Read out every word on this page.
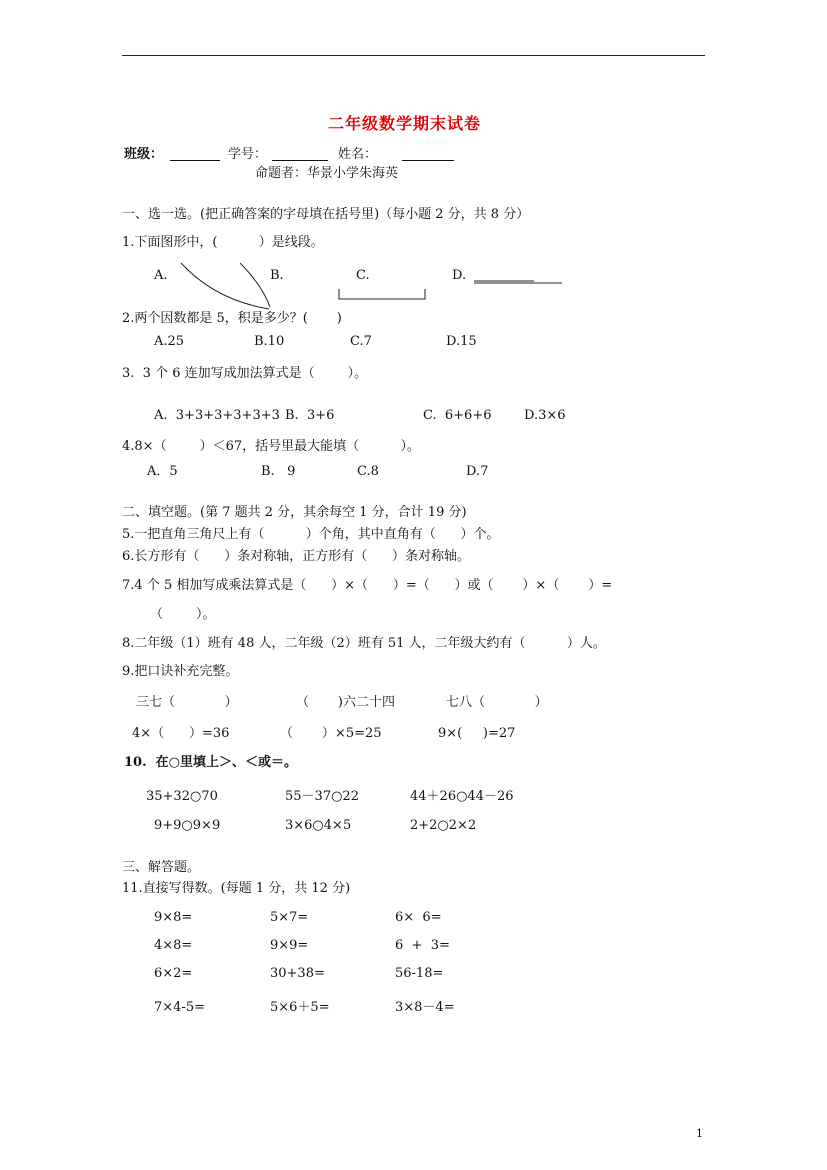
二年级数学期末试卷
班级：	学号：	姓名：
命题者：华景小学朱海英
一、选一选。(把正确答案的字母填在括号里)（每小题 2 分，共 8 分）
1.下面图形中，(          ）是线段。
A.	B.	C.	D.
2.两个因数都是 5，积是多少？(       )
A.25	B.10	C.7	D.15
3.  3 个 6 连加写成加法算式是（        ）。
A.  3+3+3+3+3+3 B.  3+6	C.  6+6+6	D.3×6
4.8×（        ）＜67，括号里最大能填（          ）。
A．5	B.   9	C.8	D.7
二、填空题。(第 7 题共 2 分，其余每空 1 分，合计 19 分)
5.一把直角三角尺上有（          ）个角，其中直角有（      ）个。
6.长方形有（      ）条对称轴，正方形有（      ）条对称轴。
7.4 个 5 相加写成乘法算式是（      ）×（      ）=（      ）或（       ）×（       ）=
（        ）。
8.二年级（1）班有 48 人，二年级（2）班有 51 人，二年级大约有（          ）人。
9.把口诀补充完整。
三七（            ）	（       )六二十四	七八（            ）
4×（      ）=36	（       ）×5=25	9×(     )=27
10.  在○里填上＞、＜或＝。
35+32○70	55－37○22	44＋26○44－26
9+9○9×9	3×6○4×5	2+2○2×2
三、解答题。
11.直接写得数。(每题 1 分，共 12 分)
9×8=	5×7=	6×  6=
4×8=	9×9=	6  +  3=
6×2=	30+38=	56-18=
7×4-5=	5×6＋5=	3×8－4=
1
